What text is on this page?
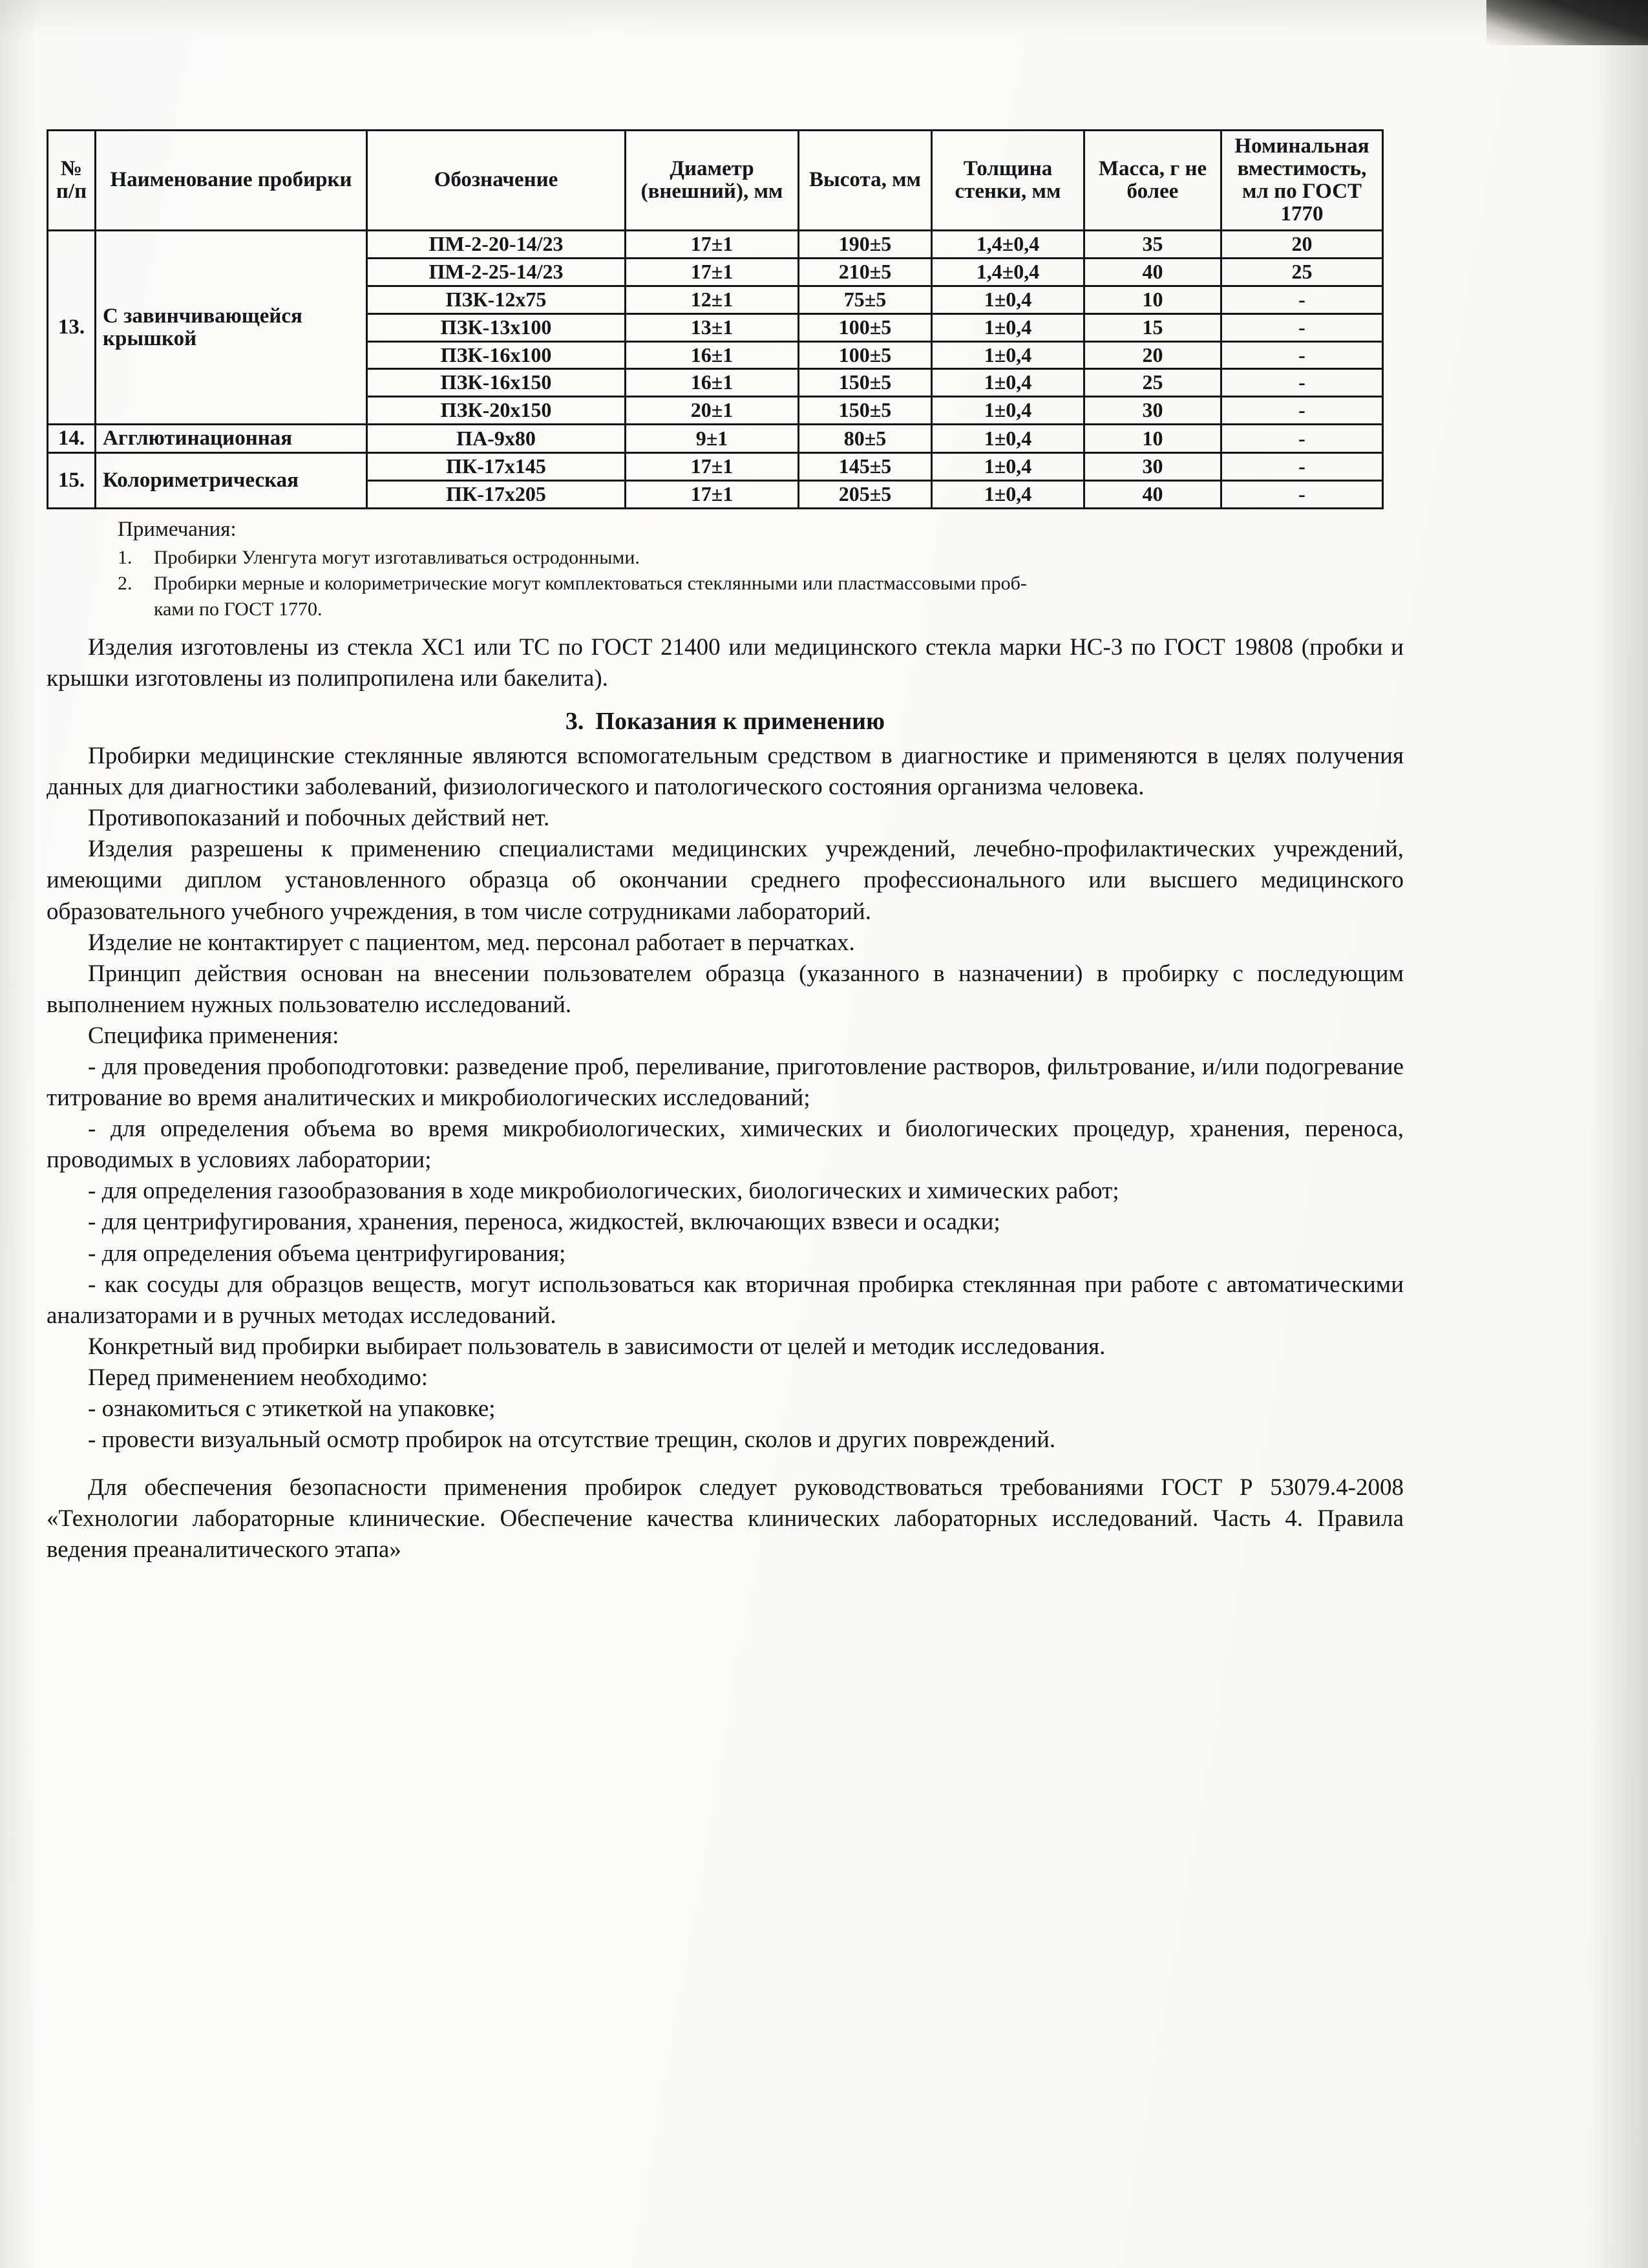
№ п/п	Наименование пробирки	Обозначение	Диаметр (внешний), мм	Высота, мм	Толщина стенки, мм	Масса, г не более	Номинальная вместимость, мл по ГОСТ 1770
13.	С завинчивающейся крышкой	ПМ-2-20-14/23	17±1	190±5	1,4±0,4	35	20
		ПМ-2-25-14/23	17±1	210±5	1,4±0,4	40	25
		ПЗК-12х75	12±1	75±5	1±0,4	10	-
		ПЗК-13х100	13±1	100±5	1±0,4	15	-
		ПЗК-16х100	16±1	100±5	1±0,4	20	-
		ПЗК-16х150	16±1	150±5	1±0,4	25	-
		ПЗК-20х150	20±1	150±5	1±0,4	30	-
14.	Агглютинационная	ПА-9х80	9±1	80±5	1±0,4	10	-
15.	Колориметрическая	ПК-17х145	17±1	145±5	1±0,4	30	-
		ПК-17х205	17±1	205±5	1±0,4	40	-
Примечания:
1.	Пробирки Уленгута могут изготавливаться остродонными.
2.	Пробирки мерные и колориметрические могут комплектоваться стеклянными или пластмассовыми проб-
ками по ГОСТ 1770.

Изделия изготовлены из стекла ХС1 или ТС по ГОСТ 21400 или медицинского стекла марки НС-3 по ГОСТ 19808 (пробки и крышки изготовлены из полипропилена или бакелита).

3. Показания к применению

Пробирки медицинские стеклянные являются вспомогательным средством в диагностике и применяются в целях получения данных для диагностики заболеваний, физиологического и патологического состояния организма человека.

Противопоказаний и побочных действий нет.

Изделия разрешены к применению специалистами медицинских учреждений, лечебно-профилактических учреждений, имеющими диплом установленного образца об окончании среднего профессионального или высшего медицинского образовательного учебного учреждения, в том числе сотрудниками лабораторий.

Изделие не контактирует с пациентом, мед. персонал работает в перчатках.

Принцип действия основан на внесении пользователем образца (указанного в назначении) в пробирку с последующим выполнением нужных пользователю исследований.

Специфика применения:

- для проведения пробоподготовки: разведение проб, переливание, приготовление растворов, фильтрование, и/или подогревание титрование во время аналитических и микробиологических исследований;

- для определения объема во время микробиологических, химических и биологических процедур, хранения, переноса, проводимых в условиях лаборатории;

- для определения газообразования в ходе микробиологических, биологических и химических работ;

- для центрифугирования, хранения, переноса, жидкостей, включающих взвеси и осадки;

- для определения объема центрифугирования;

- как сосуды для образцов веществ, могут использоваться как вторичная пробирка стеклянная при работе с автоматическими анализаторами и в ручных методах исследований.

Конкретный вид пробирки выбирает пользователь в зависимости от целей и методик исследования.

Перед применением необходимо:

- ознакомиться с этикеткой на упаковке;

- провести визуальный осмотр пробирок на отсутствие трещин, сколов и других повреждений.

Для обеспечения безопасности применения пробирок следует руководствоваться требованиями ГОСТ Р 53079.4-2008 «Технологии лабораторные клинические. Обеспечение качества клинических лабораторных исследований. Часть 4. Правила ведения преаналитического этапа»
